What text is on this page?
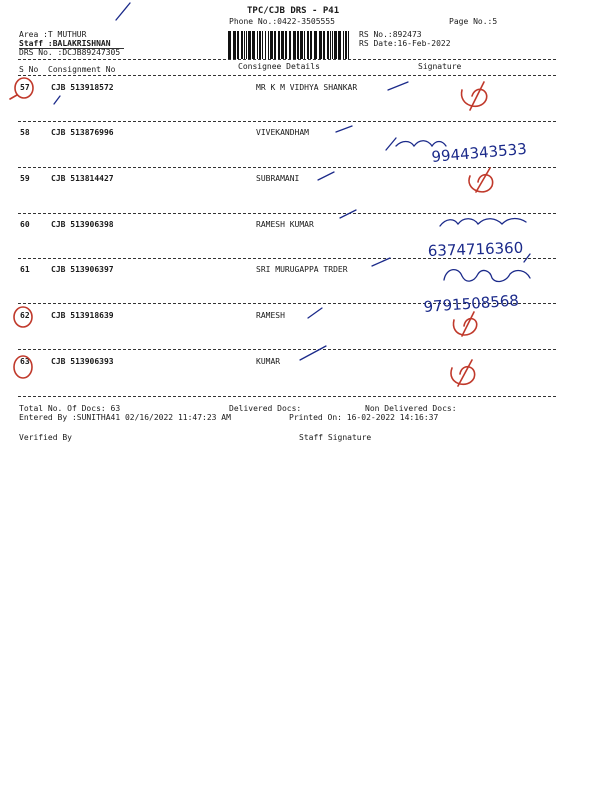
TPC/CJB DRS - P41
Phone No.:0422-3505555	Page No.:5
Area :T MUTHUR
Staff :BALAKRISHNAN
DRS No. :DCJB89247305
RS No.:892473
RS Date:16-Feb-2022
S No Consignment No	Consignee Details	Signature
57	CJB 513918572	MR K M VIDHYA SHANKAR
58	CJB 513876996	VIVEKANDHAM
59	CJB 513814427	SUBRAMANI
60	CJB 513906398	RAMESH KUMAR
61	CJB 513906397	SRI MURUGAPPA TRDER
62	CJB 513918639	RAMESH
63	CJB 513906393	KUMAR
Total No. Of Docs: 63	Delivered Docs:	Non Delivered Docs:
Entered By :SUNITHA41 02/16/2022 11:47:23 AM	Printed On: 16-02-2022 14:16:37
Verified By	Staff Signature
9944343533
6374716360
9791508568
